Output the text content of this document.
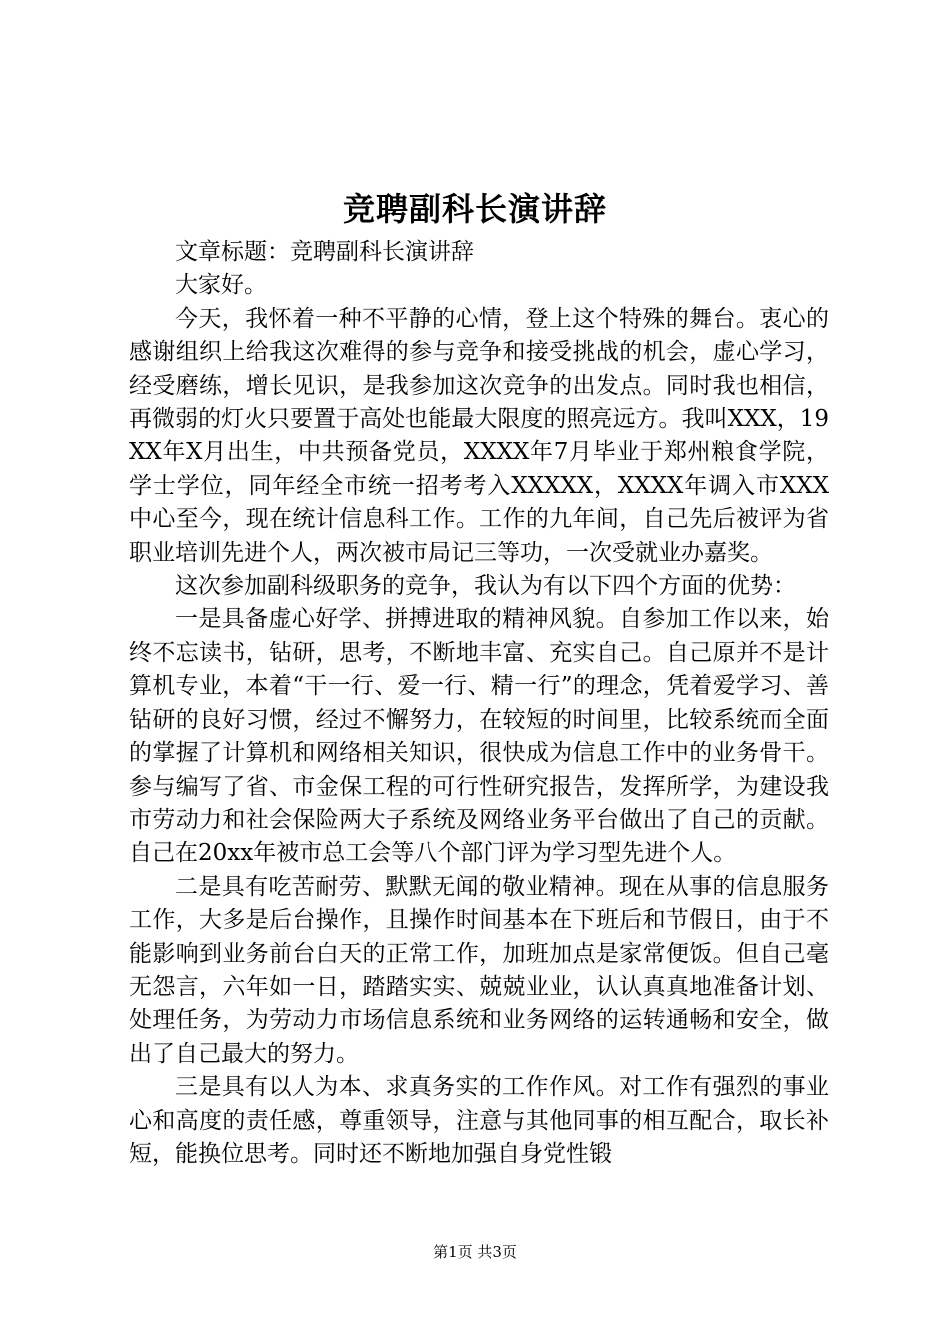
竞聘副科长演讲辞

文章标题：竞聘副科长演讲辞

大家好。

今天，我怀着一种不平静的心情，登上这个特殊的舞台。衷心的感谢组织上给我这次难得的参与竞争和接受挑战的机会，虚心学习，经受磨练，增长见识，是我参加这次竞争的出发点。同时我也相信，再微弱的灯火只要置于高处也能最大限度的照亮远方。我叫XXX，19XX年X月出生，中共预备党员，XXXX年7月毕业于郑州粮食学院，学士学位，同年经全市统一招考考入XXXXX，XXXX年调入市XXX中心至今，现在统计信息科工作。工作的九年间，自己先后被评为省职业培训先进个人，两次被市局记三等功，一次受就业办嘉奖。

这次参加副科级职务的竞争，我认为有以下四个方面的优势：

一是具备虚心好学、拼搏进取的精神风貌。自参加工作以来，始终不忘读书，钻研，思考，不断地丰富、充实自己。自己原并不是计算机专业，本着“干一行、爱一行、精一行”的理念，凭着爱学习、善钻研的良好习惯，经过不懈努力，在较短的时间里，比较系统而全面的掌握了计算机和网络相关知识，很快成为信息工作中的业务骨干。参与编写了省、市金保工程的可行性研究报告，发挥所学，为建设我市劳动力和社会保险两大子系统及网络业务平台做出了自己的贡献。自己在20xx年被市总工会等八个部门评为学习型先进个人。

二是具有吃苦耐劳、默默无闻的敬业精神。现在从事的信息服务工作，大多是后台操作，且操作时间基本在下班后和节假日，由于不能影响到业务前台白天的正常工作，加班加点是家常便饭。但自己毫无怨言，六年如一日，踏踏实实、兢兢业业，认认真真地准备计划、处理任务，为劳动力市场信息系统和业务网络的运转通畅和安全，做出了自己最大的努力。

三是具有以人为本、求真务实的工作作风。对工作有强烈的事业心和高度的责任感，尊重领导，注意与其他同事的相互配合，取长补短，能换位思考。同时还不断地加强自身党性锻

第1页 共3页
